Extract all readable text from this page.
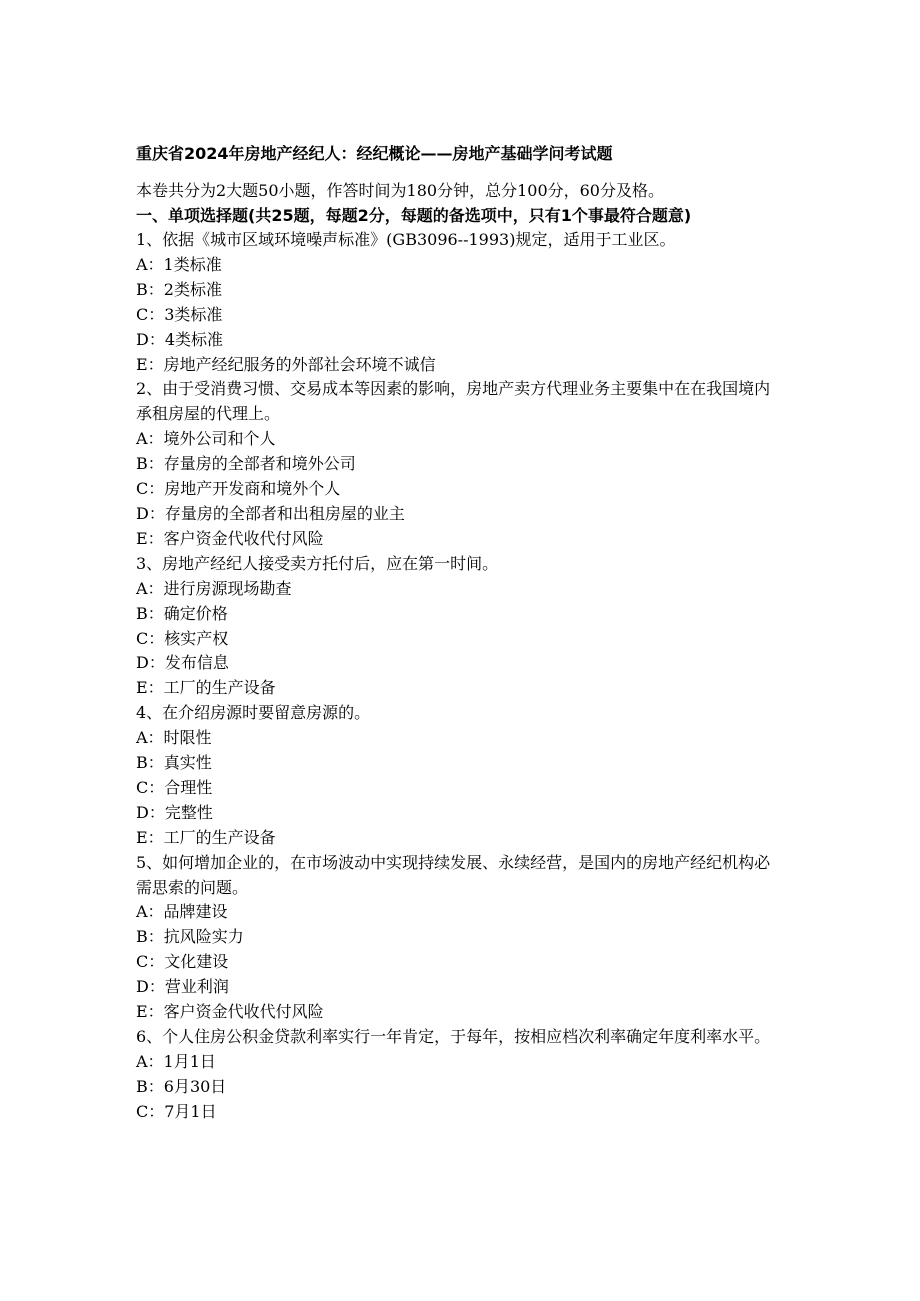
重庆省2024年房地产经纪人：经纪概论——房地产基础学问考试题
本卷共分为2大题50小题，作答时间为180分钟，总分100分，60分及格。
一、单项选择题(共25题，每题2分，每题的备选项中，只有1个事最符合题意)
1、依据《城市区域环境噪声标准》(GB3096--1993)规定，适用于工业区。
A：1类标准
B：2类标准
C：3类标准
D：4类标准
E：房地产经纪服务的外部社会环境不诚信
2、由于受消费习惯、交易成本等因素的影响，房地产卖方代理业务主要集中在在我国境内承租房屋的代理上。
A：境外公司和个人
B：存量房的全部者和境外公司
C：房地产开发商和境外个人
D：存量房的全部者和出租房屋的业主
E：客户资金代收代付风险
3、房地产经纪人接受卖方托付后，应在第一时间。
A：进行房源现场勘查
B：确定价格
C：核实产权
D：发布信息
E：工厂的生产设备
4、在介绍房源时要留意房源的。
A：时限性
B：真实性
C：合理性
D：完整性
E：工厂的生产设备
5、如何增加企业的，在市场波动中实现持续发展、永续经营，是国内的房地产经纪机构必需思索的问题。
A：品牌建设
B：抗风险实力
C：文化建设
D：营业利润
E：客户资金代收代付风险
6、个人住房公积金贷款利率实行一年肯定，于每年，按相应档次利率确定年度利率水平。
A：1月1日
B：6月30日
C：7月1日
